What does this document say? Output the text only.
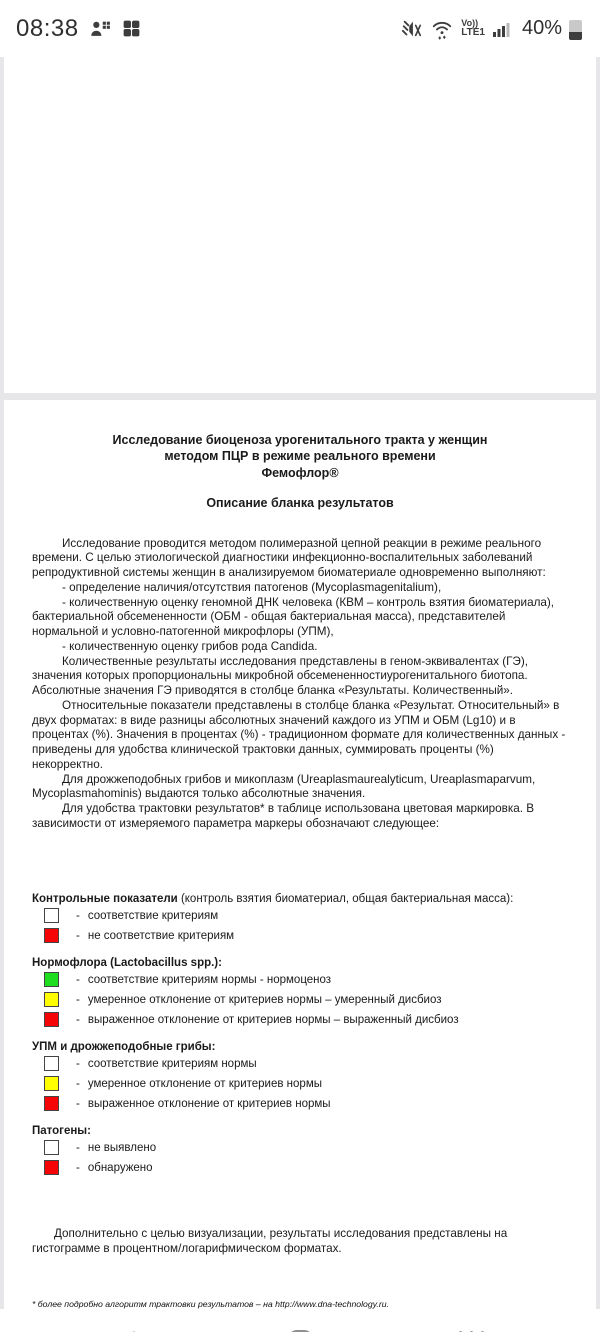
08:38	Vo))
LTE1 40%
Исследование биоценоза урогенитального тракта у женщин
методом ПЦР в режиме реального времени
Фемофлор®
Описание бланка результатов

Исследование проводится методом полимеразной цепной реакции в режиме реального времени. С целью этиологической диагностики инфекционно-воспалительных заболеваний репродуктивной системы женщин в анализируемом биоматериале одновременно выполняют:

- определение наличия/отсутствия патогенов (Mycoplasmagenitalium),

- количественную оценку геномной ДНК человека (КВМ – контроль взятия биоматериала), бактериальной обсемененности (ОБМ - общая бактериальная масса), представителей нормальной и условно-патогенной микрофлоры (УПМ),

- количественную оценку грибов рода Candida.

Количественные результаты исследования представлены в геном-эквивалентах (ГЭ), значения которых пропорциональны микробной обсемененностиурогенитального биотопа. Абсолютные значения ГЭ приводятся в столбце бланка «Результаты. Количественный».

Относительные показатели представлены в столбце бланка «Результат. Относительный» в двух форматах: в виде разницы абсолютных значений каждого из УПМ и ОБМ (Lg10) и в процентах (%). Значения в процентах (%) - традиционном формате для количественных данных - приведены для удобства клинической трактовки данных, суммировать проценты (%) некорректно.

Для дрожжеподобных грибов и микоплазм (Ureaplasmaurealyticum, Ureaplasmaparvum, Mycoplasmahominis) выдаются только абсолютные значения.

Для удобства трактовки результатов* в таблице использована цветовая маркировка. В зависимости от измеряемого параметра маркеры обозначают следующее:

Контрольные показатели (контроль взятия биоматериал, общая бактериальная масса):
- соответствие критериям
- не соответствие критериям
Нормофлора (Lactobacillus spp.):
- соответствие критериям нормы - нормоценоз
- умеренное отклонение от критериев нормы – умеренный дисбиоз
- выраженное отклонение от критериев нормы – выраженный дисбиоз
УПМ и дрожжеподобные грибы:
- соответствие критериям нормы
- умеренное отклонение от критериев нормы
- выраженное отклонение от критериев нормы
Патогены:
- не выявлено
- обнаружено

Дополнительно с целью визуализации, результаты исследования представлены на гистограмме в процентном/логарифмическом форматах.

* более подробно алгоритм трактовки результатов – на http://www.dna-technology.ru.
